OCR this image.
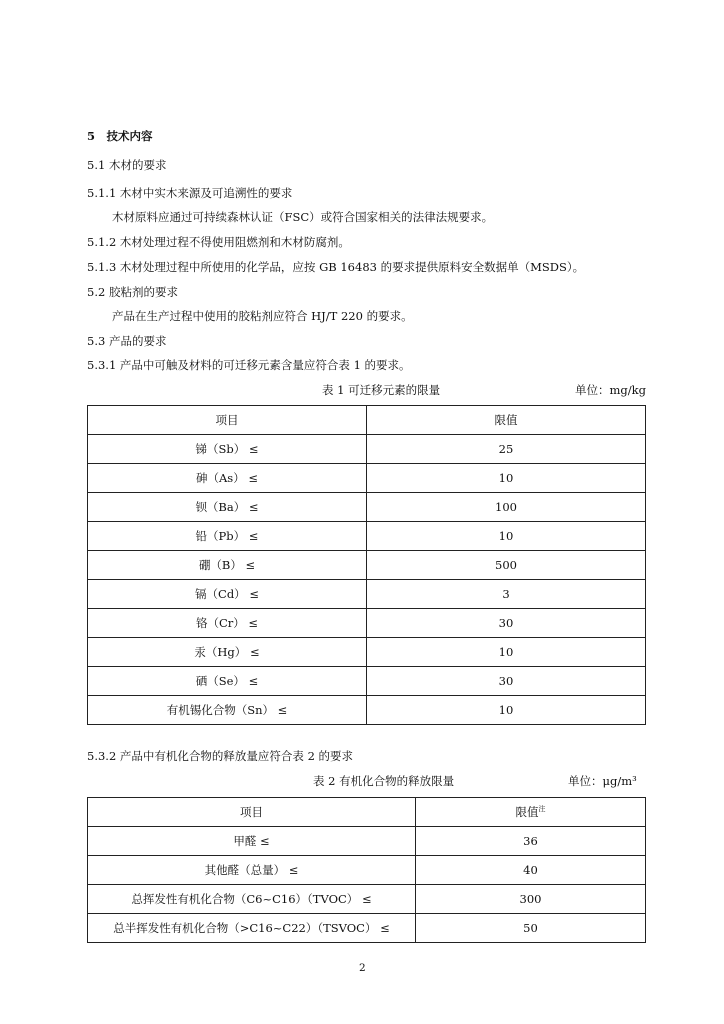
5　技术内容
5.1 木材的要求
5.1.1 木材中实木来源及可追溯性的要求
木材原料应通过可持续森林认证（FSC）或符合国家相关的法律法规要求。
5.1.2 木材处理过程不得使用阻燃剂和木材防腐剂。
5.1.3 木材处理过程中所使用的化学品，应按 GB 16483 的要求提供原料安全数据单（MSDS）。
5.2 胶粘剂的要求
产品在生产过程中使用的胶粘剂应符合 HJ/T 220 的要求。
5.3 产品的要求
5.3.1 产品中可触及材料的可迁移元素含量应符合表 1 的要求。
表 1 可迁移元素的限量	单位：mg/kg
项目	限值
锑（Sb） ≤	25
砷（As） ≤	10
钡（Ba） ≤	100
铅（Pb） ≤	10
硼（B） ≤	500
镉（Cd） ≤	3
铬（Cr） ≤	30
汞（Hg） ≤	10
硒（Se） ≤	30
有机锡化合物（Sn） ≤	10
5.3.2 产品中有机化合物的释放量应符合表 2 的要求
表 2 有机化合物的释放限量	单位：μg/m³
项目	限值$^注$
甲醛 ≤	36
其他醛（总量） ≤	40
总挥发性有机化合物（C6~C16）（TVOC） ≤	300
总半挥发性有机化合物（>C16~C22）（TSVOC） ≤	50
2
